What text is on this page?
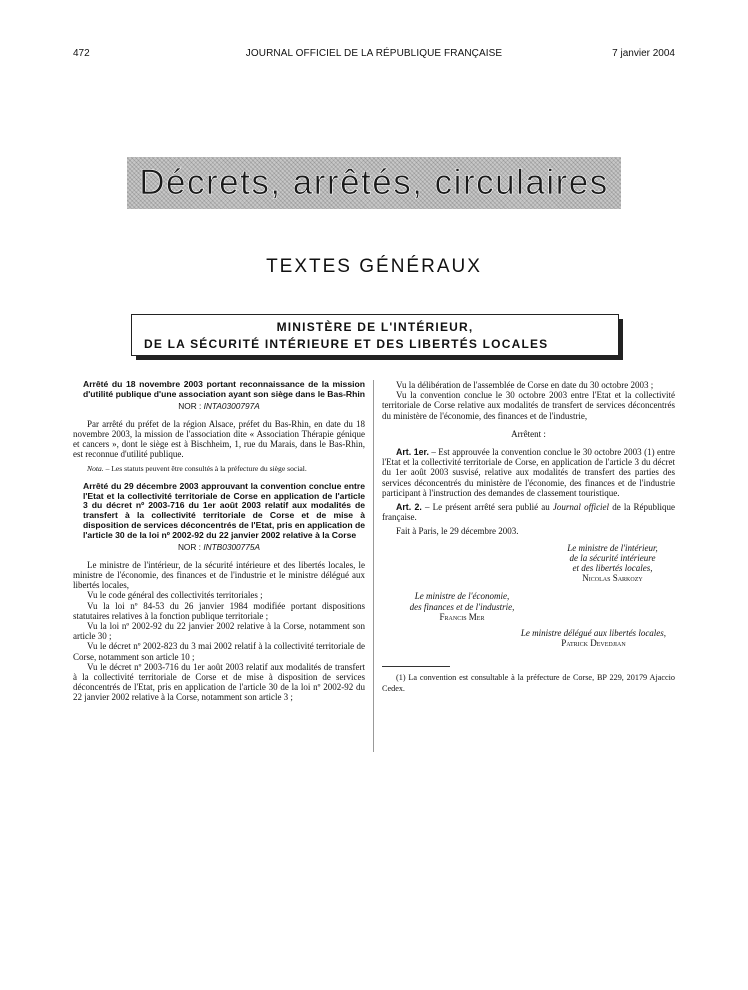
472	JOURNAL OFFICIEL DE LA RÉPUBLIQUE FRANÇAISE	7 janvier 2004
Décrets, arrêtés, circulaires
TEXTES GÉNÉRAUX
MINISTÈRE DE L'INTÉRIEUR,
DE LA SÉCURITÉ INTÉRIEURE ET DES LIBERTÉS LOCALES

Arrêté du 18 novembre 2003 portant reconnaissance de la mission d'utilité publique d'une association ayant son siège dans le Bas-Rhin

NOR : INTA0300797A

Par arrêté du préfet de la région Alsace, préfet du Bas-Rhin, en date du 18 novembre 2003, la mission de l'association dite « Association Thérapie génique et cancers », dont le siège est à Bischheim, 1, rue du Marais, dans le Bas-Rhin, est reconnue d'utilité publique.

Nota. – Les statuts peuvent être consultés à la préfecture du siège social.

Arrêté du 29 décembre 2003 approuvant la convention conclue entre l'Etat et la collectivité territoriale de Corse en application de l'article 3 du décret nº 2003-716 du 1er août 2003 relatif aux modalités de transfert à la collectivité territoriale de Corse et de mise à disposition de services déconcentrés de l'Etat, pris en application de l'article 30 de la loi nº 2002-92 du 22 janvier 2002 relative à la Corse

NOR : INTB0300775A

Le ministre de l'intérieur, de la sécurité intérieure et des libertés locales, le ministre de l'économie, des finances et de l'industrie et le ministre délégué aux libertés locales,

Vu le code général des collectivités territoriales ;

Vu la loi nº 84-53 du 26 janvier 1984 modifiée portant dispositions statutaires relatives à la fonction publique territoriale ;

Vu la loi nº 2002-92 du 22 janvier 2002 relative à la Corse, notamment son article 30 ;

Vu le décret nº 2002-823 du 3 mai 2002 relatif à la collectivité territoriale de Corse, notamment son article 10 ;

Vu le décret nº 2003-716 du 1er août 2003 relatif aux modalités de transfert à la collectivité territoriale de Corse et de mise à disposition de services déconcentrés de l'Etat, pris en application de l'article 30 de la loi nº 2002-92 du 22 janvier 2002 relative à la Corse, notamment son article 3 ;

Vu la délibération de l'assemblée de Corse en date du 30 octobre 2003 ;

Vu la convention conclue le 30 octobre 2003 entre l'Etat et la collectivité territoriale de Corse relative aux modalités de transfert de services déconcentrés du ministère de l'économie, des finances et de l'industrie,

Arrêtent :

Art. 1er. – Est approuvée la convention conclue le 30 octobre 2003 (1) entre l'Etat et la collectivité territoriale de Corse, en application de l'article 3 du décret du 1er août 2003 susvisé, relative aux modalités de transfert des parties des services déconcentrés du ministère de l'économie, des finances et de l'industrie participant à l'instruction des demandes de classement touristique.

Art. 2. – Le présent arrêté sera publié au Journal officiel de la République française.

Fait à Paris, le 29 décembre 2003.

Le ministre de l'intérieur,
de la sécurité intérieure
et des libertés locales,
Nicolas Sarkozy
Le ministre de l'économie,
des finances et de l'industrie,
Francis Mer
Le ministre délégué aux libertés locales,
Patrick Devedjian

(1) La convention est consultable à la préfecture de Corse, BP 229, 20179 Ajaccio Cedex.
